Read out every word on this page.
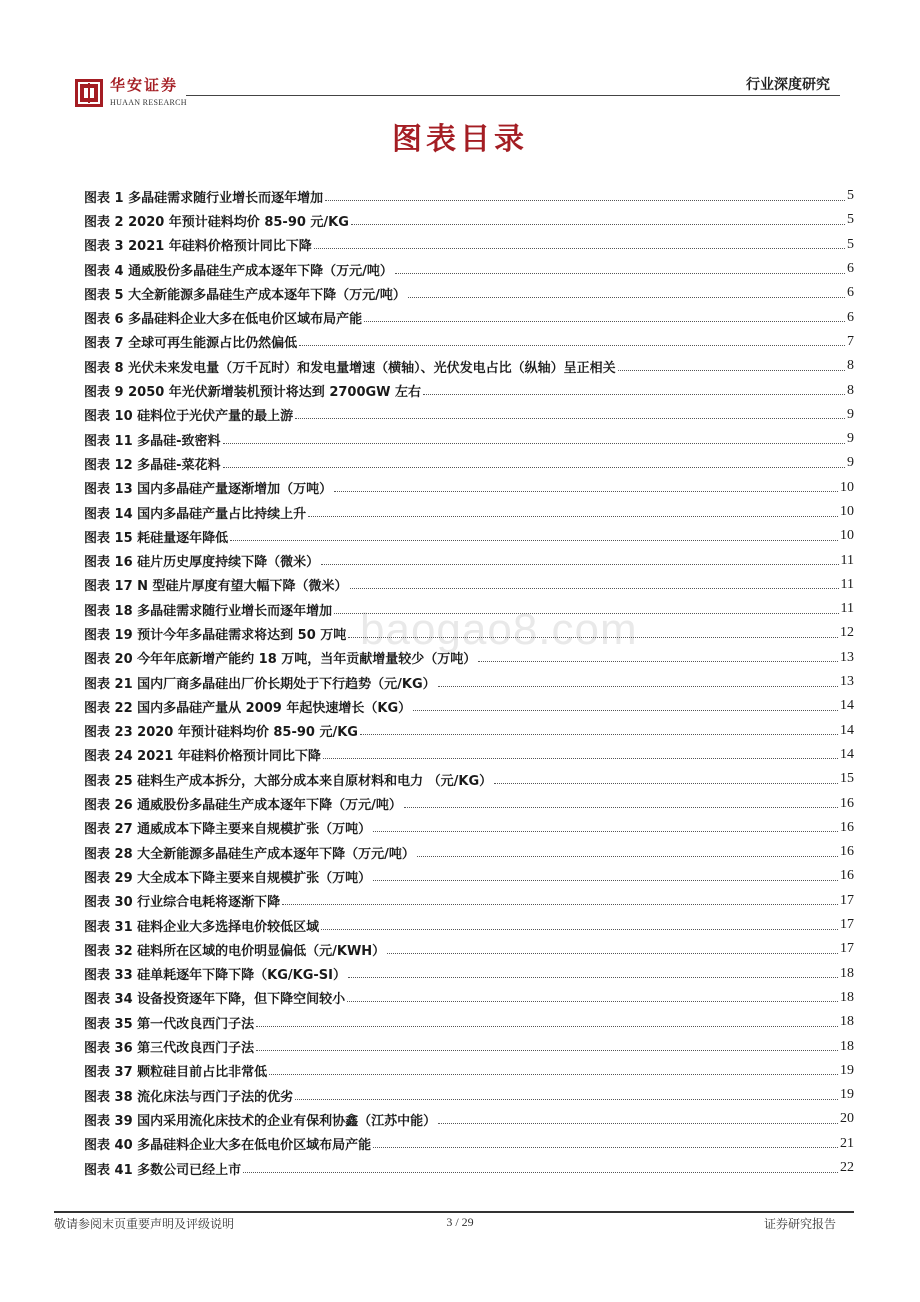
华安证券
HUAAN RESEARCH
行业深度研究
图表目录
baogao8.com
图表 1 多晶硅需求随行业增长而逐年增加	5
图表 2 2020 年预计硅料均价 85-90 元/KG	5
图表 3 2021 年硅料价格预计同比下降	5
图表 4 通威股份多晶硅生产成本逐年下降（万元/吨）	6
图表 5 大全新能源多晶硅生产成本逐年下降（万元/吨）	6
图表 6 多晶硅料企业大多在低电价区域布局产能	6
图表 7 全球可再生能源占比仍然偏低	7
图表 8 光伏未来发电量（万千瓦时）和发电量增速（横轴）、光伏发电占比（纵轴）呈正相关	8
图表 9 2050 年光伏新增装机预计将达到 2700GW 左右	8
图表 10 硅料位于光伏产量的最上游	9
图表 11 多晶硅-致密料	9
图表 12 多晶硅-菜花料	9
图表 13 国内多晶硅产量逐渐增加（万吨）	10
图表 14 国内多晶硅产量占比持续上升	10
图表 15 耗硅量逐年降低	10
图表 16 硅片历史厚度持续下降（微米）	11
图表 17 N 型硅片厚度有望大幅下降（微米）	11
图表 18 多晶硅需求随行业增长而逐年增加	11
图表 19 预计今年多晶硅需求将达到 50 万吨	12
图表 20 今年年底新增产能约 18 万吨，当年贡献增量较少（万吨）	13
图表 21 国内厂商多晶硅出厂价长期处于下行趋势（元/KG）	13
图表 22 国内多晶硅产量从 2009 年起快速增长（KG）	14
图表 23 2020 年预计硅料均价 85-90 元/KG	14
图表 24 2021 年硅料价格预计同比下降	14
图表 25 硅料生产成本拆分，大部分成本来自原材料和电力 （元/KG）	15
图表 26 通威股份多晶硅生产成本逐年下降（万元/吨）	16
图表 27 通威成本下降主要来自规模扩张（万吨）	16
图表 28 大全新能源多晶硅生产成本逐年下降（万元/吨）	16
图表 29 大全成本下降主要来自规模扩张（万吨）	16
图表 30 行业综合电耗将逐渐下降	17
图表 31 硅料企业大多选择电价较低区域	17
图表 32 硅料所在区域的电价明显偏低（元/KWH）	17
图表 33 硅单耗逐年下降下降（KG/KG-SI）	18
图表 34 设备投资逐年下降，但下降空间较小	18
图表 35 第一代改良西门子法	18
图表 36 第三代改良西门子法	18
图表 37 颗粒硅目前占比非常低	19
图表 38 流化床法与西门子法的优劣	19
图表 39 国内采用流化床技术的企业有保利协鑫（江苏中能）	20
图表 40 多晶硅料企业大多在低电价区域布局产能	21
图表 41 多数公司已经上市	22
敬请参阅末页重要声明及评级说明	3 / 29	证券研究报告
